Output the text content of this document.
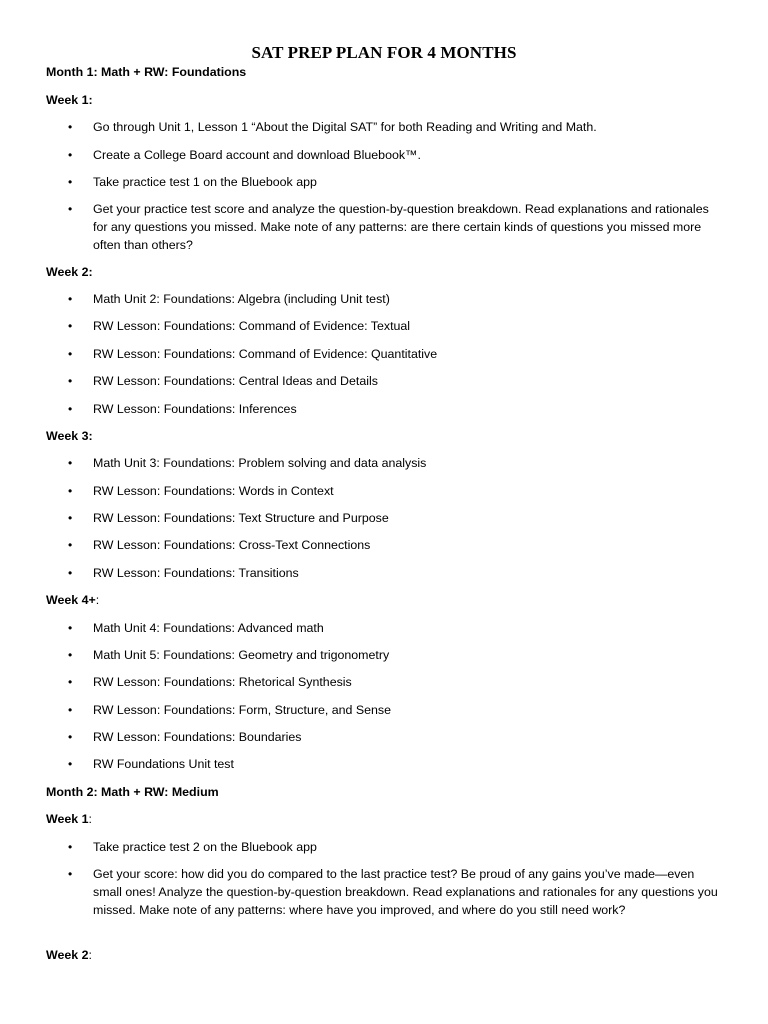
SAT PREP PLAN FOR 4 MONTHS
Month 1: Math + RW: Foundations
Week 1:
•	Go through Unit 1, Lesson 1 “About the Digital SAT” for both Reading and Writing and Math.
•	Create a College Board account and download Bluebook™.
•	Take practice test 1 on the Bluebook app
•	Get your practice test score and analyze the question-by-question breakdown. Read explanations and rationales for any questions you missed. Make note of any patterns: are there certain kinds of questions you missed more often than others?
Week 2:
•	Math Unit 2: Foundations: Algebra (including Unit test)
•	RW Lesson: Foundations: Command of Evidence: Textual
•	RW Lesson: Foundations: Command of Evidence: Quantitative
•	RW Lesson: Foundations: Central Ideas and Details
•	RW Lesson: Foundations: Inferences
Week 3:
•	Math Unit 3: Foundations: Problem solving and data analysis
•	RW Lesson: Foundations: Words in Context
•	RW Lesson: Foundations: Text Structure and Purpose
•	RW Lesson: Foundations: Cross-Text Connections
•	RW Lesson: Foundations: Transitions
Week 4+:
•	Math Unit 4: Foundations: Advanced math
•	Math Unit 5: Foundations: Geometry and trigonometry
•	RW Lesson: Foundations: Rhetorical Synthesis
•	RW Lesson: Foundations: Form, Structure, and Sense
•	RW Lesson: Foundations: Boundaries
•	RW Foundations Unit test
Month 2: Math + RW: Medium
Week 1:
•	Take practice test 2 on the Bluebook app
•	Get your score: how did you do compared to the last practice test? Be proud of any gains you’ve made—even small ones! Analyze the question-by-question breakdown. Read explanations and rationales for any questions you missed. Make note of any patterns: where have you improved, and where do you still need work?
Week 2:
